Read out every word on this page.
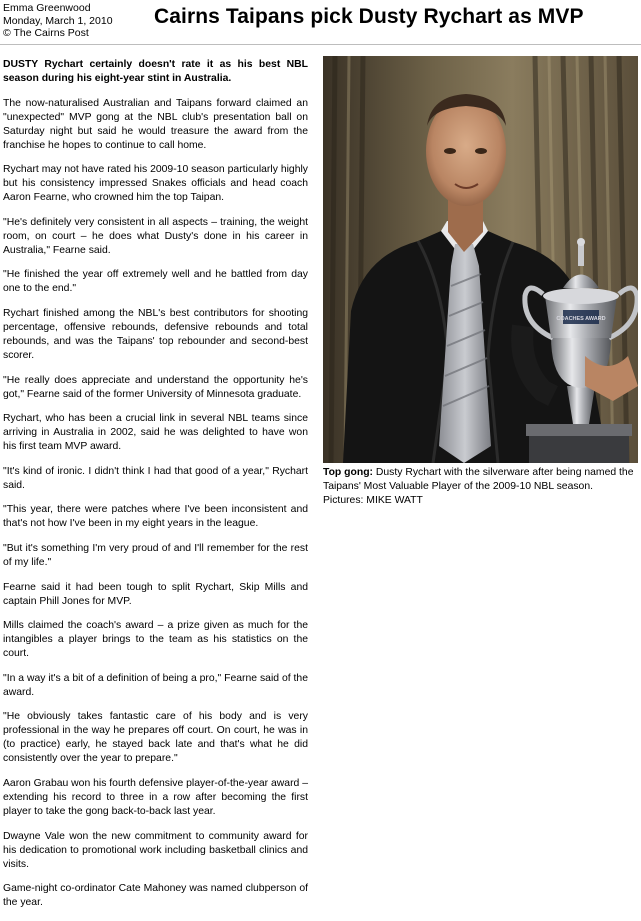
Emma Greenwood
Monday, March 1, 2010
© The Cairns Post
Cairns Taipans pick Dusty Rychart as MVP

DUSTY Rychart certainly doesn't rate it as his best NBL season during his eight-year stint in Australia.

The now-naturalised Australian and Taipans forward claimed an "unexpected" MVP gong at the NBL club's presentation ball on Saturday night but said he would treasure the award from the franchise he hopes to continue to call home.

Rychart may not have rated his 2009-10 season particularly highly but his consistency impressed Snakes officials and head coach Aaron Fearne, who crowned him the top Taipan.

"He's definitely very consistent in all aspects – training, the weight room, on court – he does what Dusty's done in his career in Australia," Fearne said.

"He finished the year off extremely well and he battled from day one to the end."

Rychart finished among the NBL's best contributors for shooting percentage, offensive rebounds, defensive rebounds and total rebounds, and was the Taipans' top rebounder and second-best scorer.

"He really does appreciate and understand the opportunity he's got," Fearne said of the former University of Minnesota graduate.

Rychart, who has been a crucial link in several NBL teams since arriving in Australia in 2002, said he was delighted to have won his first team MVP award.

"It's kind of ironic. I didn't think I had that good of a year," Rychart said.

"This year, there were patches where I've been inconsistent and that's not how I've been in my eight years in the league.

"But it's something I'm very proud of and I'll remember for the rest of my life."

Fearne said it had been tough to split Rychart, Skip Mills and captain Phill Jones for MVP.

Mills claimed the coach's award – a prize given as much for the intangibles a player brings to the team as his statistics on the court.

"In a way it's a bit of a definition of being a pro," Fearne said of the award.

"He obviously takes fantastic care of his body and is very professional in the way he prepares off court. On court, he was in (to practice) early, he stayed back late and that's what he did consistently over the year to prepare."

Aaron Grabau won his fourth defensive player-of-the-year award – extending his record to three in a row after becoming the first player to take the gong back-to-back last year.

Dwayne Vale won the new commitment to community award for his dedication to promotional work including basketball clinics and visits.

Game-night co-ordinator Cate Mahoney was named clubperson of the year.

COACHES AWARD
Top gong: Dusty Rychart with the silverware after being named the Taipans' Most Valuable Player of the 2009-10 NBL season. Pictures: MIKE WATT
